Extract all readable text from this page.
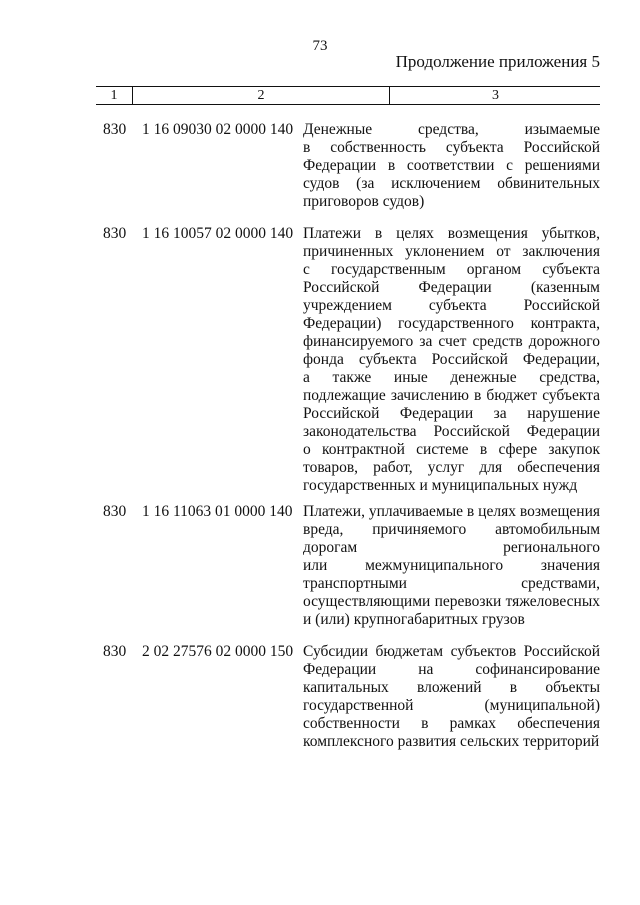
73
Продолжение приложения 5
1	2	3
830 1 16 09030 02 0000 140 Денежные средства, изымаемые
в собственность субъекта Российской
Федерации в соответствии с решениями
судов (за исключением обвинительных
приговоров судов)
830 1 16 10057 02 0000 140 Платежи в целях возмещения убытков,
причиненных уклонением от заключения
с государственным органом субъекта
Российской Федерации (казенным
учреждением субъекта Российской
Федерации) государственного контракта,
финансируемого за счет средств дорожного
фонда субъекта Российской Федерации,
а также иные денежные средства,
подлежащие зачислению в бюджет субъекта
Российской Федерации за нарушение
законодательства Российской Федерации
о контрактной системе в сфере закупок
товаров, работ, услуг для обеспечения
государственных и муниципальных нужд
830 1 16 11063 01 0000 140 Платежи, уплачиваемые в целях возмещения
вреда, причиняемого автомобильным
дорогам регионального
или межмуниципального значения
транспортными средствами,
осуществляющими перевозки тяжеловесных
и (или) крупногабаритных грузов
830 2 02 27576 02 0000 150 Субсидии бюджетам субъектов Российской
Федерации на софинансирование
капитальных вложений в объекты
государственной (муниципальной)
собственности в рамках обеспечения
комплексного развития сельских территорий
